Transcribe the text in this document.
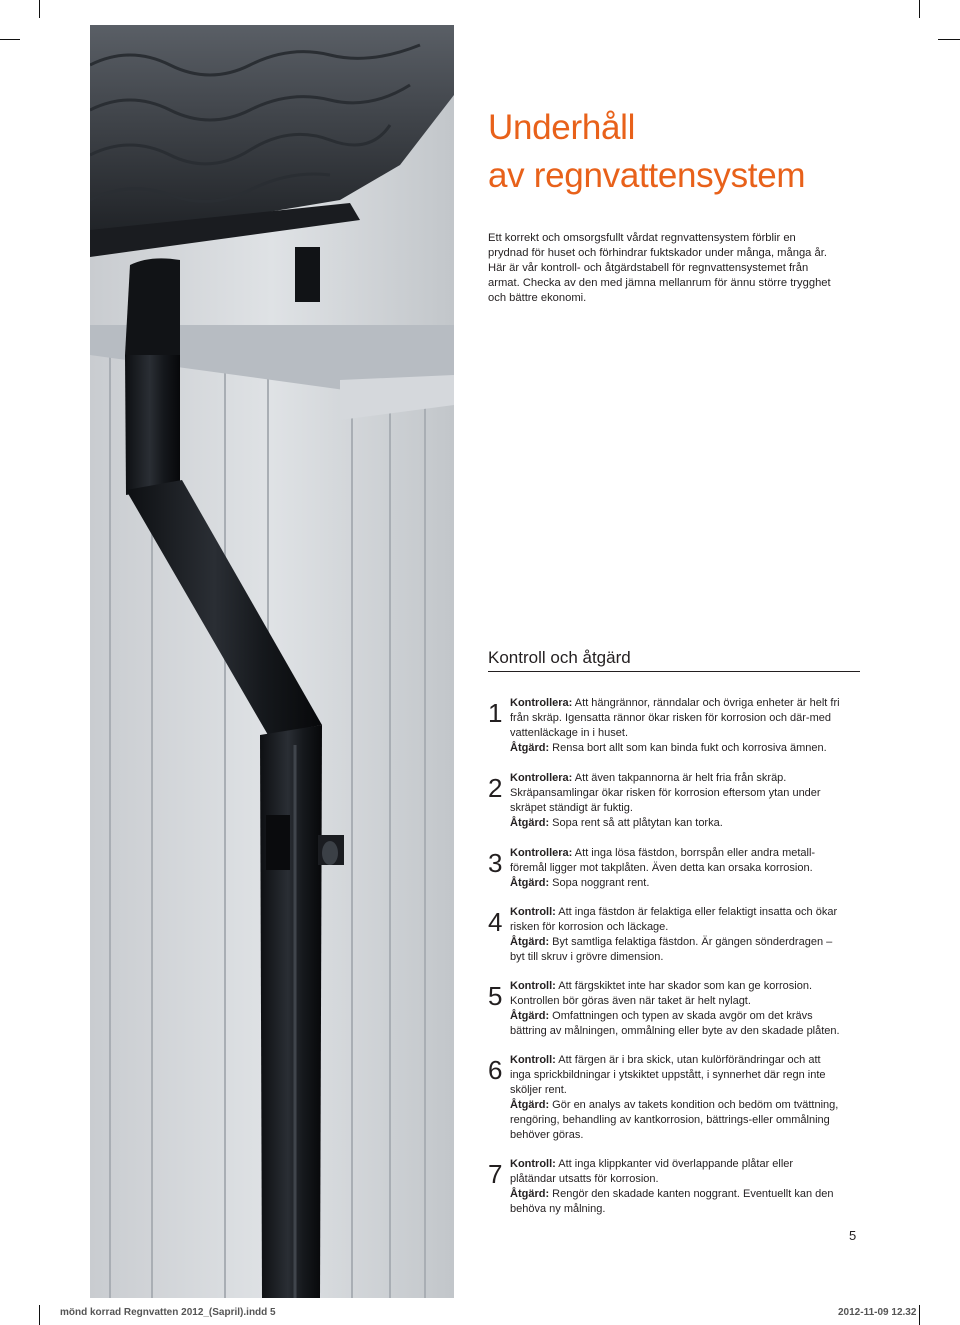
Underhåll
av regnvattensystem
Ett korrekt och omsorgsfullt vårdat regnvattensystem förblir en prydnad för huset och förhindrar fuktskador under många, många år. Här är vår kontroll- och åtgärdstabell för regnvattensystemet från armat. Checka av den med jämna mellanrum för ännu större trygghet och bättre ekonomi.
Kontroll och åtgärd
1 Kontrollera: Att hängrännor, ränndalar och övriga enheter är helt fri från skräp. Igensatta rännor ökar risken för korrosion och där-med vattenläckage in i huset.
Åtgärd: Rensa bort allt som kan binda fukt och korrosiva ämnen.
2 Kontrollera: Att även takpannorna är helt fria från skräp. Skräpansamlingar ökar risken för korrosion eftersom ytan under skräpet ständigt är fuktig.
Åtgärd: Sopa rent så att plåtytan kan torka.
3 Kontrollera: Att inga lösa fästdon, borrspån eller andra metall-föremål ligger mot takplåten. Även detta kan orsaka korrosion.
Åtgärd: Sopa noggrant rent.
4 Kontroll: Att inga fästdon är felaktiga eller felaktigt insatta och ökar risken för korrosion och läckage.
Åtgärd: Byt samtliga felaktiga fästdon. Är gängen sönderdragen – byt till skruv i grövre dimension.
5 Kontroll: Att färgskiktet inte har skador som kan ge korrosion. Kontrollen bör göras även när taket är helt nylagt.
Åtgärd: Omfattningen och typen av skada avgör om det krävs bättring av målningen, ommålning eller byte av den skadade plåten.
6 Kontroll: Att färgen är i bra skick, utan kulörförändringar och att inga sprickbildningar i ytskiktet uppstått, i synnerhet där regn inte sköljer rent.
Åtgärd: Gör en analys av takets kondition och bedöm om tvättning, rengöring, behandling av kantkorrosion, bättrings-eller ommålning behöver göras.
7 Kontroll: Att inga klippkanter vid överlappande plåtar eller plåtändar utsatts för korrosion.
Åtgärd: Rengör den skadade kanten noggrant. Eventuellt kan den behöva ny målning.
5
mönd korrad Regnvatten 2012_(Sapril).indd 5	2012-11-09 12.32
